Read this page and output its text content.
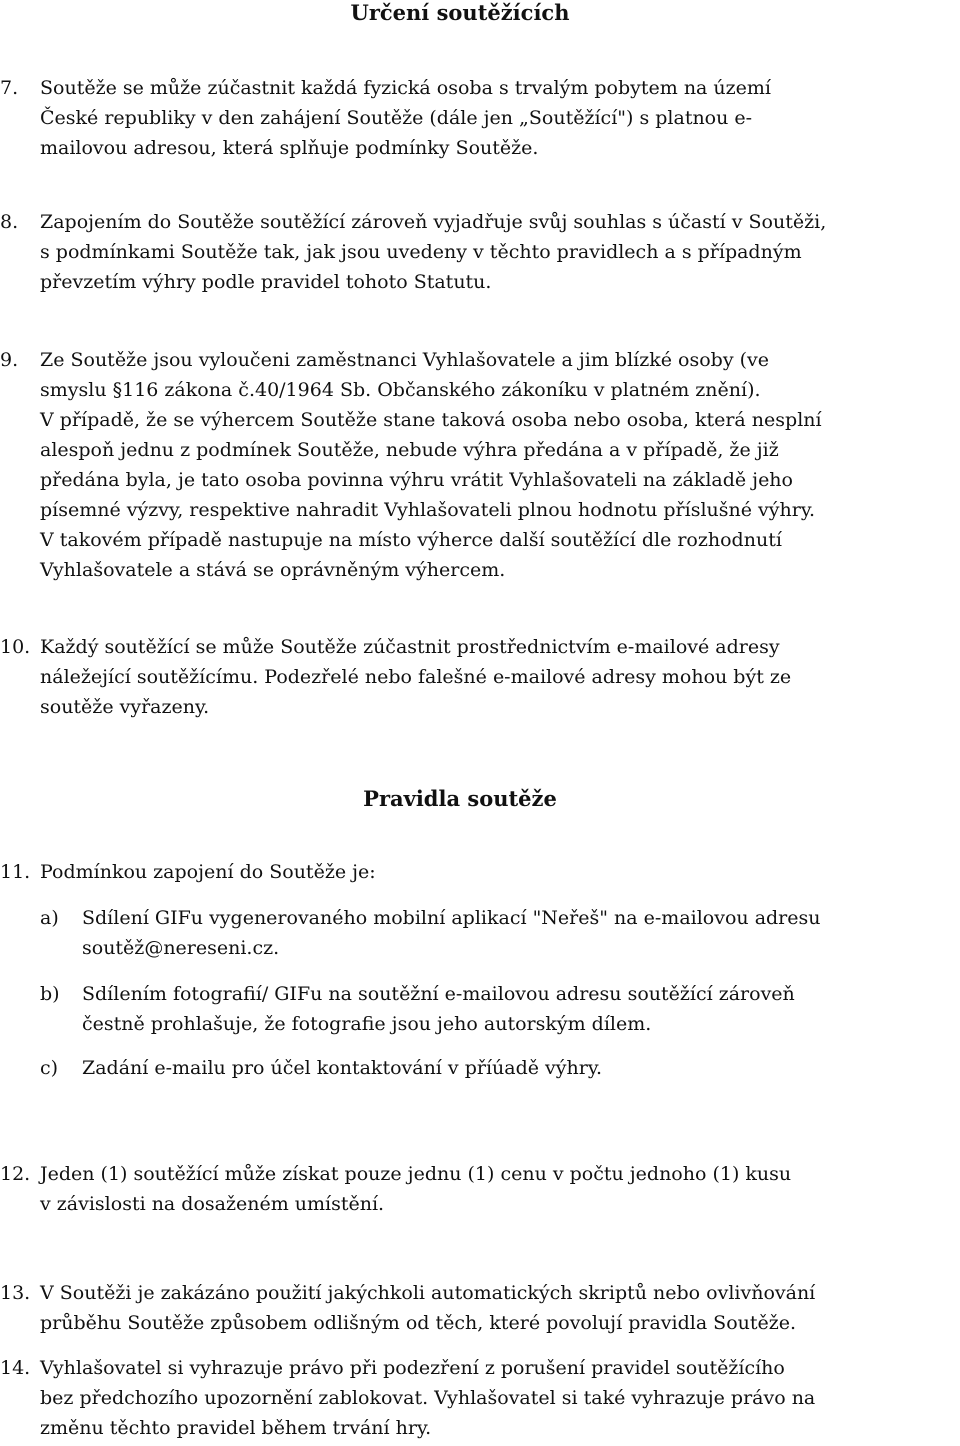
Určení soutěžících
7.	Soutěže se může zúčastnit každá fyzická osoba s trvalým pobytem na území
České republiky v den zahájení Soutěže (dále jen „Soutěžící") s platnou e-
mailovou adresou, která splňuje podmínky Soutěže.
8.	Zapojením do Soutěže soutěžící zároveň vyjadřuje svůj souhlas s účastí v Soutěži,
s podmínkami Soutěže tak, jak jsou uvedeny v těchto pravidlech a s případným
převzetím výhry podle pravidel tohoto Statutu.
9.	Ze Soutěže jsou vyloučeni zaměstnanci Vyhlašovatele a jim blízké osoby (ve
smyslu §116 zákona č.40/1964 Sb. Občanského zákoníku v platném znění).
V případě, že se výhercem Soutěže stane taková osoba nebo osoba, která nesplní
alespoň jednu z podmínek Soutěže, nebude výhra předána a v případě, že již
předána byla, je tato osoba povinna výhru vrátit Vyhlašovateli na základě jeho
písemné výzvy, respektive nahradit Vyhlašovateli plnou hodnotu příslušné výhry.
V takovém případě nastupuje na místo výherce další soutěžící dle rozhodnutí
Vyhlašovatele a stává se oprávněným výhercem.
10. Každý soutěžící se může Soutěže zúčastnit prostřednictvím e-mailové adresy
náležející soutěžícímu. Podezřelé nebo falešné e-mailové adresy mohou být ze
soutěže vyřazeny.
Pravidla soutěže
11. Podmínkou zapojení do Soutěže je:
a)	Sdílení GIFu vygenerovaného mobilní aplikací "Neřeš" na e-mailovou adresu
soutěž@nereseni.cz.
b)	Sdílením fotografií/ GIFu na soutěžní e-mailovou adresu soutěžící zároveň
čestně prohlašuje, že fotografie jsou jeho autorským dílem.
c)	Zadání e-mailu pro účel kontaktování v příúadě výhry.
12. Jeden (1) soutěžící může získat pouze jednu (1) cenu v počtu jednoho (1) kusu
v závislosti na dosaženém umístění.
13. V Soutěži je zakázáno použití jakýchkoli automatických skriptů nebo ovlivňování
průběhu Soutěže způsobem odlišným od těch, které povolují pravidla Soutěže.
14. Vyhlašovatel si vyhrazuje právo při podezření z porušení pravidel soutěžícího
bez předchozího upozornění zablokovat. Vyhlašovatel si také vyhrazuje právo na
změnu těchto pravidel během trvání hry.
